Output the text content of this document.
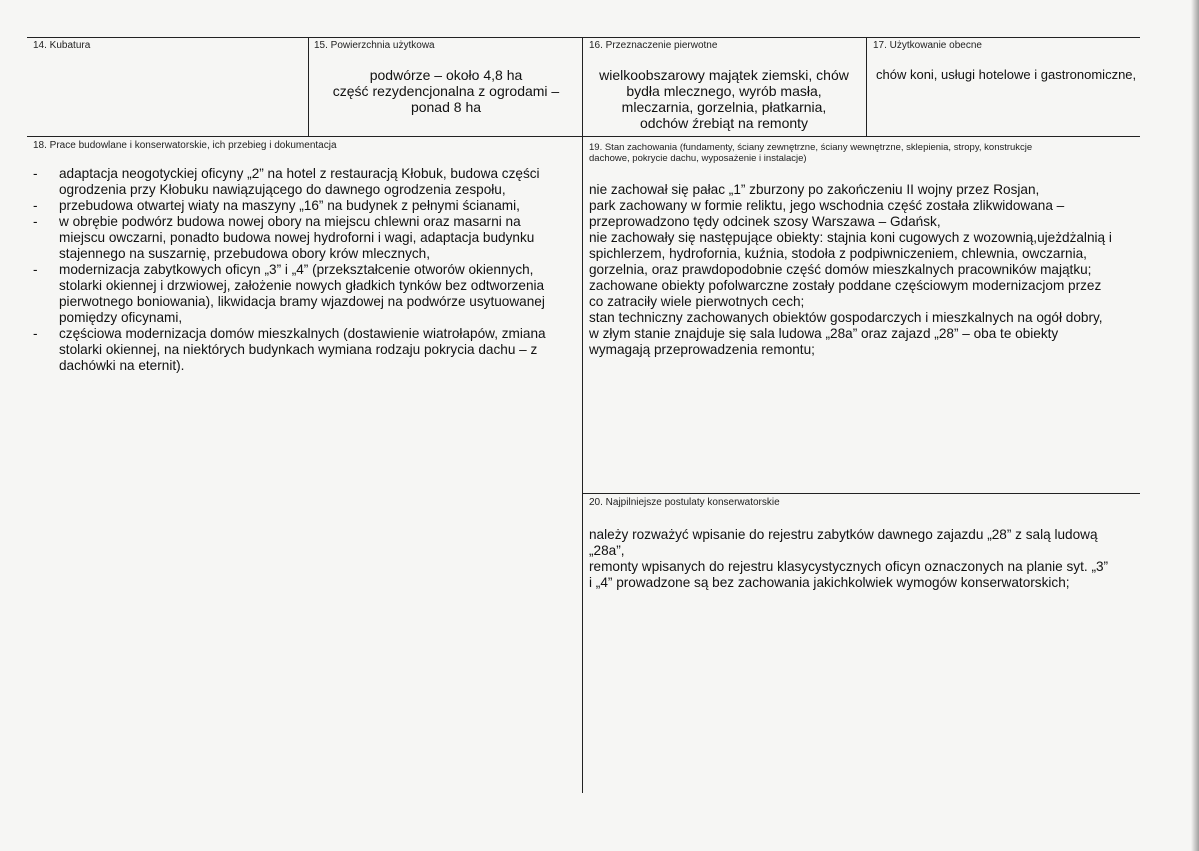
14. Kubatura	15. Powierzchnia użytkowa
podwórze – około 4,8 ha
część rezydencjonalna z ogrodami –
ponad 8 ha
16. Przeznaczenie pierwotne
wielkoobszarowy majątek ziemski, chów
bydła mlecznego, wyrób masła,
mleczarnia, gorzelnia, płatkarnia,
odchów źrebiąt na remonty
17. Użytkowanie obecne
chów koni, usługi hotelowe i gastronomiczne,
18. Prace budowlane i konserwatorskie, ich przebieg i dokumentacja
- adaptacja neogotyckiej oficyny „2” na hotel z restauracją Kłobuk, budowa części
ogrodzenia przy Kłobuku nawiązującego do dawnego ogrodzenia zespołu,
- przebudowa otwartej wiaty na maszyny „16” na budynek z pełnymi ścianami,
- w obrębie podwórz budowa nowej obory na miejscu chlewni oraz masarni na
miejscu owczarni, ponadto budowa nowej hydroforni i wagi, adaptacja budynku
stajennego na suszarnię, przebudowa obory krów mlecznych,
- modernizacja zabytkowych oficyn „3” i „4” (przekształcenie otworów okiennych,
stolarki okiennej i drzwiowej, założenie nowych gładkich tynków bez odtworzenia
pierwotnego boniowania), likwidacja bramy wjazdowej na podwórze usytuowanej
pomiędzy oficynami,
- częściowa modernizacja domów mieszkalnych (dostawienie wiatrołapów, zmiana
stolarki okiennej, na niektórych budynkach wymiana rodzaju pokrycia dachu – z
dachówki na eternit).
19. Stan zachowania (fundamenty, ściany zewnętrzne, ściany wewnętrzne, sklepienia, stropy, konstrukcje
dachowe, pokrycie dachu, wyposażenie i instalacje)
nie zachował się pałac „1” zburzony po zakończeniu II wojny przez Rosjan,
park zachowany w formie reliktu, jego wschodnia część została zlikwidowana –
przeprowadzono tędy odcinek szosy Warszawa – Gdańsk,
nie zachowały się następujące obiekty: stajnia koni cugowych z wozownią,ujeżdżalnią i
spichlerzem, hydrofornia, kuźnia, stodoła z podpiwniczeniem, chlewnia, owczarnia,
gorzelnia, oraz prawdopodobnie część domów mieszkalnych pracowników majątku;
zachowane obiekty pofolwarczne zostały poddane częściowym modernizacjom przez
co zatraciły wiele pierwotnych cech;
stan techniczny zachowanych obiektów gospodarczych i mieszkalnych na ogół dobry,
w złym stanie znajduje się sala ludowa „28a” oraz zajazd „28” – oba te obiekty
wymagają przeprowadzenia remontu;
20. Najpilniejsze postulaty konserwatorskie
należy rozważyć wpisanie do rejestru zabytków dawnego zajazdu „28” z salą ludową
„28a”,
remonty wpisanych do rejestru klasycystycznych oficyn oznaczonych na planie syt. „3”
i „4” prowadzone są bez zachowania jakichkolwiek wymogów konserwatorskich;
